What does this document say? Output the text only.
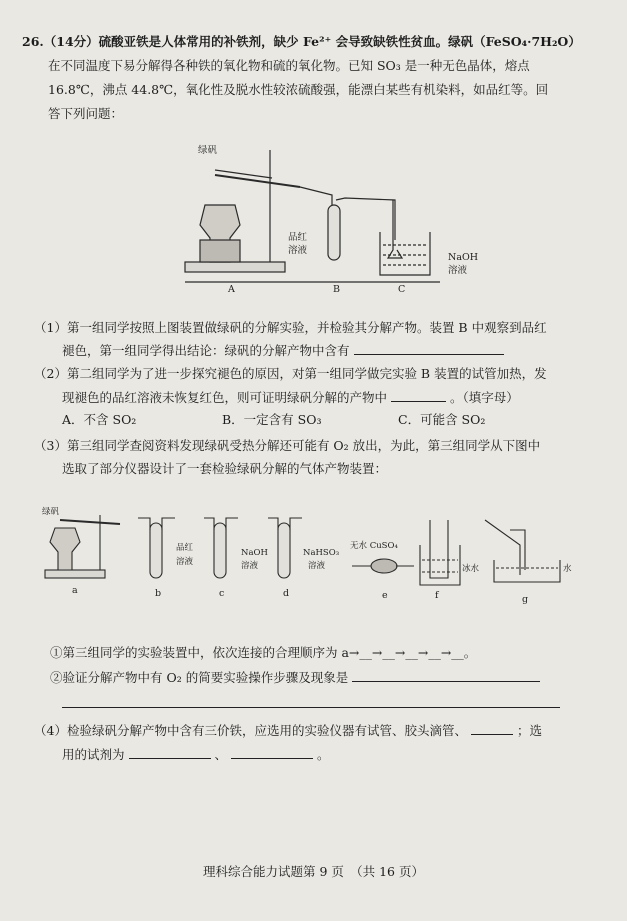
26.（14分）硫酸亚铁是人体常用的补铁剂，缺少 Fe²⁺ 会导致缺铁性贫血。绿矾（FeSO₄·7H₂O）
在不同温度下易分解得各种铁的氧化物和硫的氧化物。已知 SO₃ 是一种无色晶体，熔点
16.8℃，沸点 44.8℃，氧化性及脱水性较浓硫酸强，能漂白某些有机染料，如品红等。回
答下列问题：
绿矾
品红
溶液
NaOH
溶液
A	B	C
（1）第一组同学按照上图装置做绿矾的分解实验，并检验其分解产物。装置 B 中观察到品红
褪色，第一组同学得出结论：绿矾的分解产物中含有
（2）第二组同学为了进一步探究褪色的原因，对第一组同学做完实验 B 装置的试管加热，发
现褪色的品红溶液未恢复红色，则可证明绿矾分解的产物中	。（填字母）
A．不含 SO₂	B．一定含有 SO₃	C．可能含 SO₂
（3）第三组同学查阅资料发现绿矾受热分解还可能有 O₂ 放出，为此，第三组同学从下图中
选取了部分仪器设计了一套检验绿矾分解的气体产物装置：
绿矾
品红
溶液
NaOH
溶液
NaHSO₃
溶液
无水 CuSO₄
冰水	水
a	b	c	d	e	f	g
①第三组同学的实验装置中，依次连接的合理顺序为 a→__→__→__→__→__。
②验证分解产物中有 O₂ 的简要实验操作步骤及现象是
（4）检验绿矾分解产物中含有三价铁，应选用的实验仪器有试管、胶头滴管、	；选
用的试剂为	、	。
理科综合能力试题第 9 页　（共 16 页）
